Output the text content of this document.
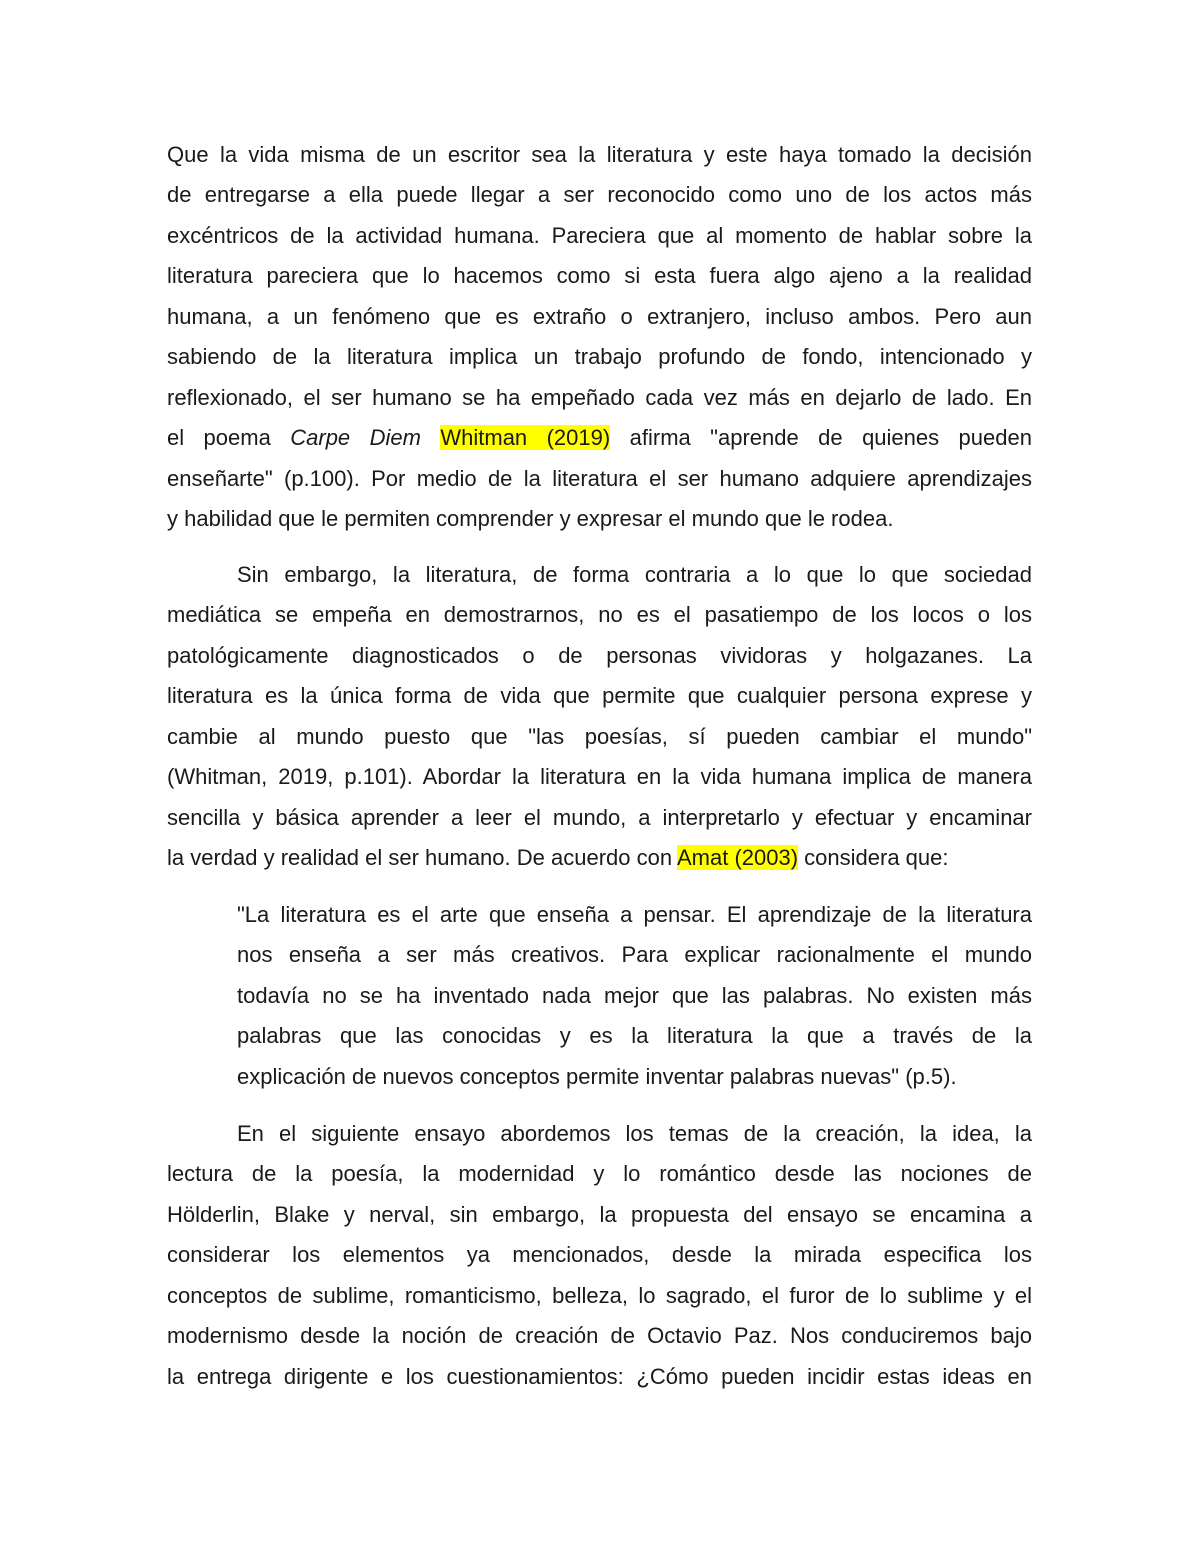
Que la vida misma de un escritor sea la literatura y este haya tomado la decisión
de entregarse a ella puede llegar a ser reconocido como uno de los actos más
excéntricos de la actividad humana. Pareciera que al momento de hablar sobre la
literatura pareciera que lo hacemos como si esta fuera algo ajeno a la realidad
humana, a un fenómeno que es extraño o extranjero, incluso ambos. Pero aun
sabiendo de la literatura implica un trabajo profundo de fondo, intencionado y
reflexionado, el ser humano se ha empeñado cada vez más en dejarlo de lado. En
el poema Carpe Diem Whitman (2019) afirma "aprende de quienes pueden
enseñarte" (p.100). Por medio de la literatura el ser humano adquiere aprendizajes
y habilidad que le permiten comprender y expresar el mundo que le rodea.
Sin embargo, la literatura, de forma contraria a lo que lo que sociedad
mediática se empeña en demostrarnos, no es el pasatiempo de los locos o los
patológicamente diagnosticados o de personas vividoras y holgazanes. La
literatura es la única forma de vida que permite que cualquier persona exprese y
cambie al mundo puesto que "las poesías, sí pueden cambiar el mundo"
(Whitman, 2019, p.101). Abordar la literatura en la vida humana implica de manera
sencilla y básica aprender a leer el mundo, a interpretarlo y efectuar y encaminar
la verdad y realidad el ser humano. De acuerdo con Amat (2003) considera que:
"La literatura es el arte que enseña a pensar. El aprendizaje de la literatura
nos enseña a ser más creativos. Para explicar racionalmente el mundo
todavía no se ha inventado nada mejor que las palabras. No existen más
palabras que las conocidas y es la literatura la que a través de la
explicación de nuevos conceptos permite inventar palabras nuevas" (p.5).
En el siguiente ensayo abordemos los temas de la creación, la idea, la
lectura de la poesía, la modernidad y lo romántico desde las nociones de
Hölderlin, Blake y nerval, sin embargo, la propuesta del ensayo se encamina a
considerar los elementos ya mencionados, desde la mirada especifica los
conceptos de sublime, romanticismo, belleza, lo sagrado, el furor de lo sublime y el
modernismo desde la noción de creación de Octavio Paz. Nos conduciremos bajo
la entrega dirigente e los cuestionamientos: ¿Cómo pueden incidir estas ideas en
